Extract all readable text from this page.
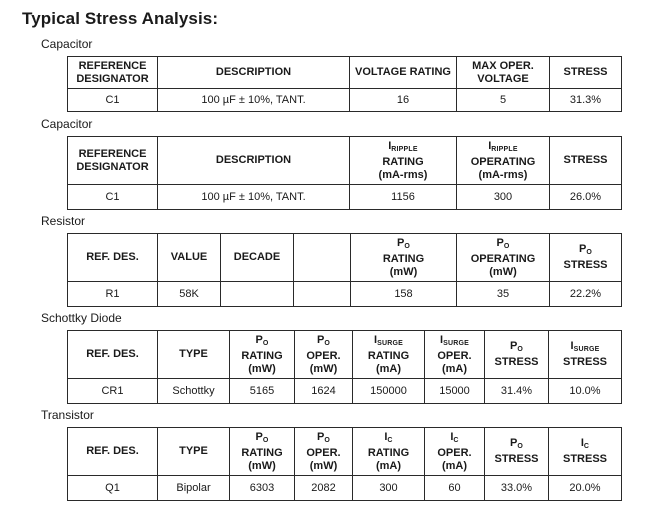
Typical Stress Analysis:
Capacitor
REFERENCE DESIGNATOR	DESCRIPTION	VOLTAGE RATING	MAX OPER. VOLTAGE	STRESS
C1	100 µF ± 10%, TANT.	16	5	31.3%
Capacitor
REFERENCE DESIGNATOR	DESCRIPTION	$I_{RIPPLE}$
RATING
(mA-rms)	$I_{RIPPLE}$
OPERATING
(mA-rms)	STRESS
C1	100 µF ± 10%, TANT.	1156	300	26.0%
Resistor
REF. DES.	VALUE	DECADE		$P_O$
RATING
(mW)	$P_O$
OPERATING
(mW)	$P_O$
STRESS
R1	58K			158	35	22.2%
Schottky Diode
REF. DES.	TYPE	$P_O$
RATING
(mW)	$P_O$
OPER.
(mW)	$I_{SURGE}$
RATING
(mA)	$I_{SURGE}$
OPER.
(mA)	$P_O$
STRESS	$I_{SURGE}$
STRESS
CR1	Schottky	5165	1624	150000	15000	31.4%	10.0%
Transistor
REF. DES.	TYPE	$P_O$
RATING
(mW)	$P_O$
OPER.
(mW)	$I_C$
RATING
(mA)	$I_C$
OPER.
(mA)	$P_O$
STRESS	$I_C$
STRESS
Q1	Bipolar	6303	2082	300	60	33.0%	20.0%
